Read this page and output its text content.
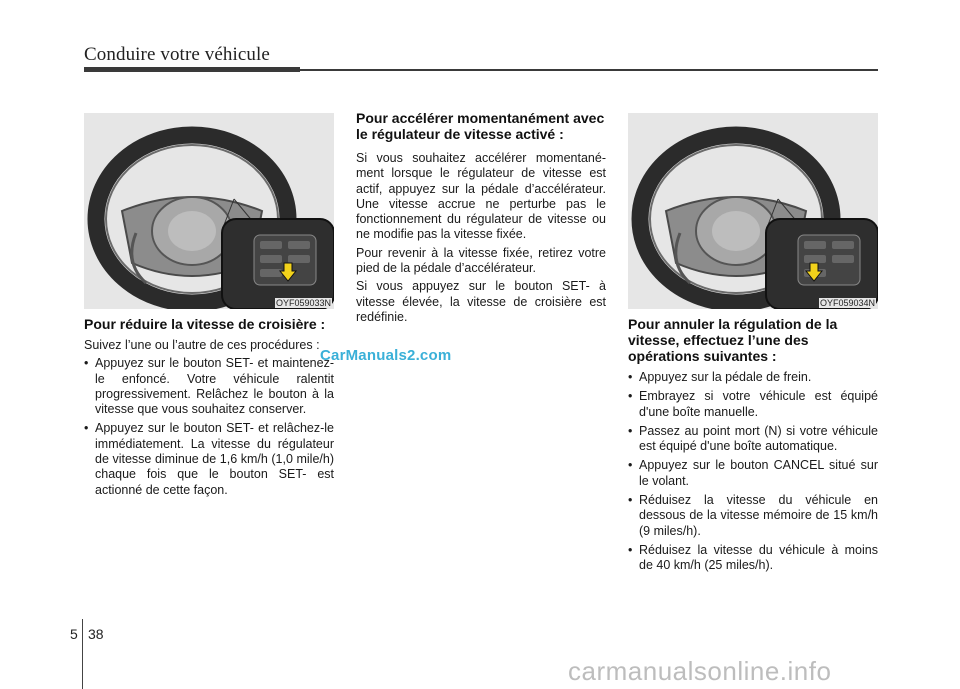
Conduire votre véhicule
OYF059033N	OYF059034N
Pour réduire la vitesse de croisière :

Suivez l’une ou l’autre de ces procédures :

• Appuyez sur le bouton SET- et maintenez-le enfoncé. Votre véhicule ralentit progressivement. Relâchez le bouton à la vitesse que vous souhaitez conserver.
• Appuyez sur le bouton SET- et relâchez-le immédiatement. La vitesse du régulateur de vitesse diminue de 1,6 km/h (1,0 mile/h) chaque fois que le bouton SET- est actionné de cette façon.
Pour accélérer momentanément avec le régulateur de vitesse activé :

Si vous souhaitez accélérer momentané-ment lorsque le régulateur de vitesse est actif, appuyez sur la pédale d’accélérateur. Une vitesse accrue ne perturbe pas le fonctionnement du régulateur de vitesse ou ne modifie pas la vitesse fixée.

Pour revenir à la vitesse fixée, retirez votre pied de la pédale d’accélérateur.

Si vous appuyez sur le bouton SET- à vitesse élevée, la vitesse de croisière est redéfinie.	Pour annuler la régulation de la vitesse, effectuez l’une des opérations suivantes :
• Appuyez sur la pédale de frein.
• Embrayez si votre véhicule est équipé d'une boîte manuelle.
• Passez au point mort (N) si votre véhicule est équipé d'une boîte automatique.
• Appuyez sur le bouton CANCEL situé sur le volant.
• Réduisez la vitesse du véhicule en dessous de la vitesse mémoire de 15 km/h (9 miles/h).
• Réduisez la vitesse du véhicule à moins de 40 km/h (25 miles/h).
CarManuals2.com
carmanualsonline.info
5 38
